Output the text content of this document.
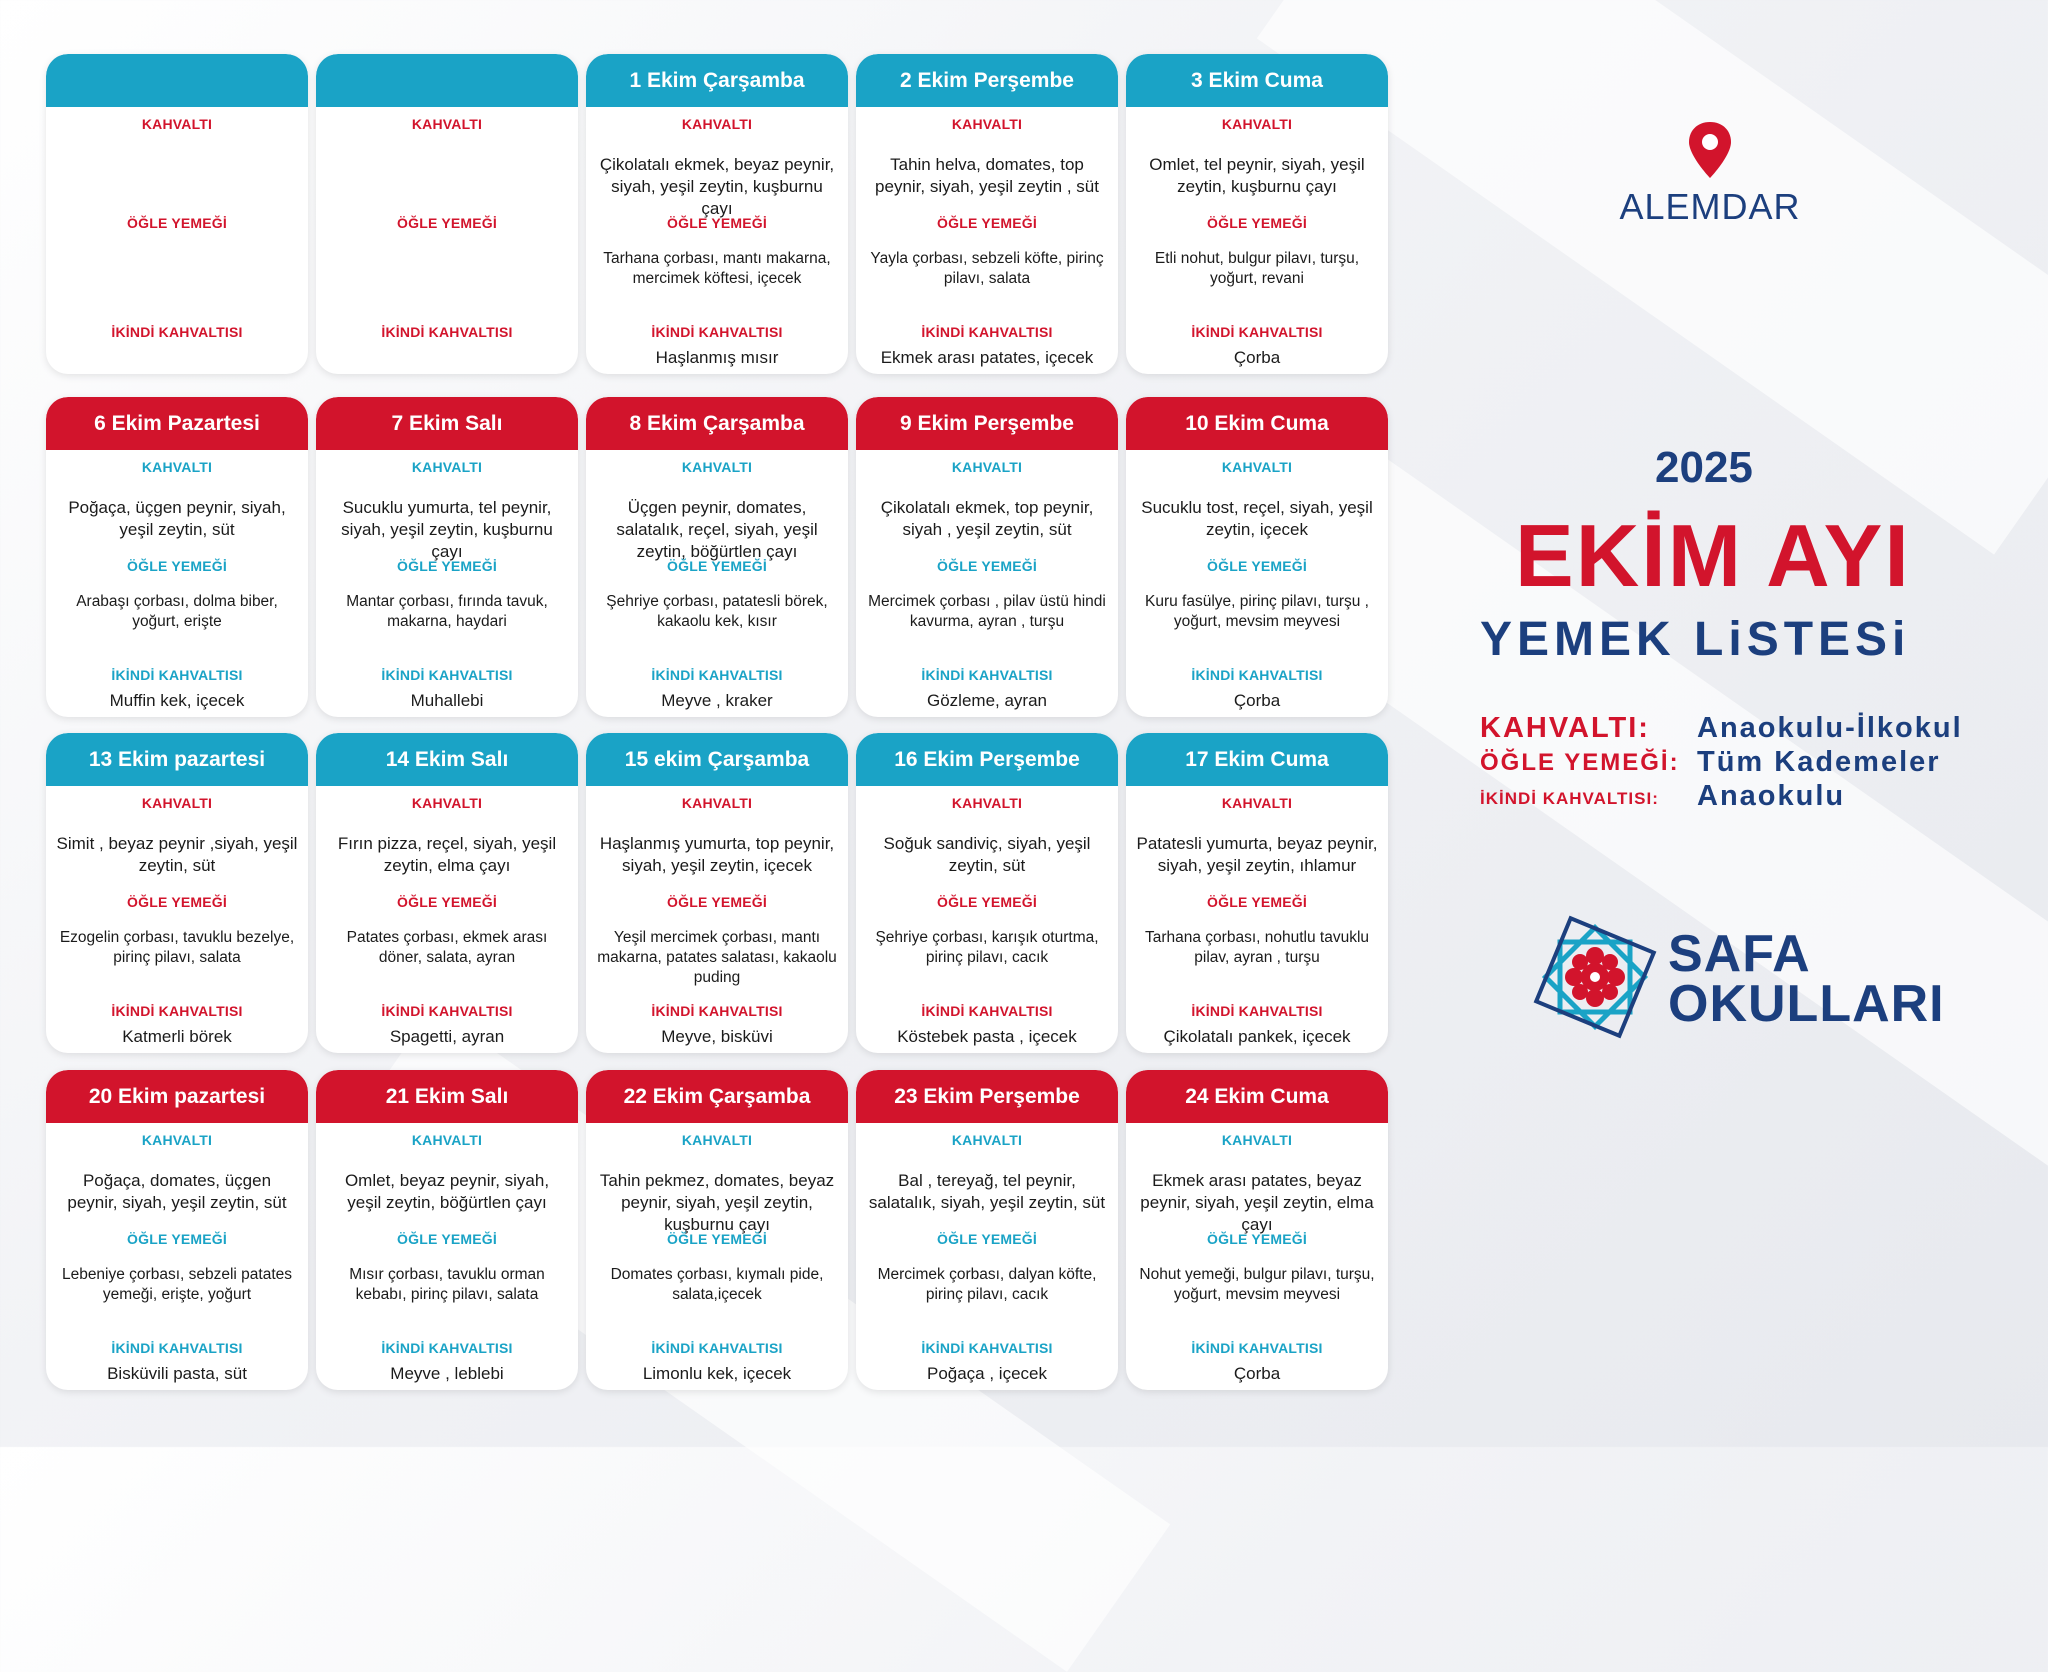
KAHVALTI
ÖĞLE YEMEĞİ
İKİNDİ KAHVALTISI
KAHVALTI
ÖĞLE YEMEĞİ
İKİNDİ KAHVALTISI
1 Ekim Çarşamba
KAHVALTI
Çikolatalı ekmek, beyaz peynir, siyah, yeşil zeytin, kuşburnu çayı
ÖĞLE YEMEĞİ
Tarhana çorbası, mantı makarna, mercimek köftesi, içecek
İKİNDİ KAHVALTISI
Haşlanmış mısır
2 Ekim Perşembe
KAHVALTI
Tahin helva, domates, top peynir, siyah, yeşil zeytin , süt
ÖĞLE YEMEĞİ
Yayla çorbası, sebzeli köfte, pirinç pilavı, salata
İKİNDİ KAHVALTISI
Ekmek arası patates, içecek
3 Ekim Cuma
KAHVALTI
Omlet, tel peynir, siyah, yeşil zeytin, kuşburnu çayı
ÖĞLE YEMEĞİ
Etli nohut, bulgur pilavı, turşu, yoğurt, revani
İKİNDİ KAHVALTISI
Çorba
6 Ekim Pazartesi
KAHVALTI
Poğaça, üçgen peynir, siyah, yeşil zeytin, süt
ÖĞLE YEMEĞİ
Arabaşı çorbası, dolma biber, yoğurt, erişte
İKİNDİ KAHVALTISI
Muffin kek, içecek
7 Ekim Salı
KAHVALTI
Sucuklu yumurta, tel peynir, siyah, yeşil zeytin, kuşburnu çayı
ÖĞLE YEMEĞİ
Mantar çorbası, fırında tavuk, makarna, haydari
İKİNDİ KAHVALTISI
Muhallebi
8 Ekim Çarşamba
KAHVALTI
Üçgen peynir, domates, salatalık, reçel, siyah, yeşil zeytin, böğürtlen çayı
ÖĞLE YEMEĞİ
Şehriye çorbası, patatesli börek, kakaolu kek, kısır
İKİNDİ KAHVALTISI
Meyve , kraker
9 Ekim Perşembe
KAHVALTI
Çikolatalı ekmek, top peynir, siyah , yeşil zeytin, süt
ÖĞLE YEMEĞİ
Mercimek çorbası , pilav üstü hindi kavurma, ayran , turşu
İKİNDİ KAHVALTISI
Gözleme, ayran
10 Ekim Cuma
KAHVALTI
Sucuklu tost, reçel, siyah, yeşil zeytin, içecek
ÖĞLE YEMEĞİ
Kuru fasülye, pirinç pilavı, turşu , yoğurt, mevsim meyvesi
İKİNDİ KAHVALTISI
Çorba
13 Ekim pazartesi
KAHVALTI
Simit , beyaz peynir ,siyah, yeşil zeytin, süt
ÖĞLE YEMEĞİ
Ezogelin çorbası, tavuklu bezelye, pirinç pilavı, salata
İKİNDİ KAHVALTISI
Katmerli börek
14 Ekim Salı
KAHVALTI
Fırın pizza, reçel, siyah, yeşil zeytin, elma çayı
ÖĞLE YEMEĞİ
Patates çorbası, ekmek arası döner, salata, ayran
İKİNDİ KAHVALTISI
Spagetti, ayran
15 ekim Çarşamba
KAHVALTI
Haşlanmış yumurta, top peynir, siyah, yeşil zeytin, içecek
ÖĞLE YEMEĞİ
Yeşil mercimek çorbası, mantı makarna, patates salatası, kakaolu puding
İKİNDİ KAHVALTISI
Meyve, bisküvi
16 Ekim Perşembe
KAHVALTI
Soğuk sandiviç, siyah, yeşil zeytin, süt
ÖĞLE YEMEĞİ
Şehriye çorbası, karışık oturtma, pirinç pilavı, cacık
İKİNDİ KAHVALTISI
Köstebek pasta , içecek
17 Ekim Cuma
KAHVALTI
Patatesli yumurta, beyaz peynir, siyah, yeşil zeytin, ıhlamur
ÖĞLE YEMEĞİ
Tarhana çorbası, nohutlu tavuklu pilav, ayran , turşu
İKİNDİ KAHVALTISI
Çikolatalı pankek, içecek
20 Ekim pazartesi
KAHVALTI
Poğaça, domates, üçgen peynir, siyah, yeşil zeytin, süt
ÖĞLE YEMEĞİ
Lebeniye çorbası, sebzeli patates yemeği, erişte, yoğurt
İKİNDİ KAHVALTISI
Bisküvili pasta, süt
21 Ekim Salı
KAHVALTI
Omlet, beyaz peynir, siyah, yeşil zeytin, böğürtlen çayı
ÖĞLE YEMEĞİ
Mısır çorbası, tavuklu orman kebabı, pirinç pilavı, salata
İKİNDİ KAHVALTISI
Meyve , leblebi
22 Ekim Çarşamba
KAHVALTI
Tahin pekmez, domates, beyaz peynir, siyah, yeşil zeytin, kuşburnu çayı
ÖĞLE YEMEĞİ
Domates çorbası, kıymalı pide, salata,içecek
İKİNDİ KAHVALTISI
Limonlu kek, içecek
23 Ekim Perşembe
KAHVALTI
Bal , tereyağ, tel peynir, salatalık, siyah, yeşil zeytin, süt
ÖĞLE YEMEĞİ
Mercimek çorbası, dalyan köfte, pirinç pilavı, cacık
İKİNDİ KAHVALTISI
Poğaça , içecek
24 Ekim Cuma
KAHVALTI
Ekmek arası patates, beyaz peynir, siyah, yeşil zeytin, elma çayı
ÖĞLE YEMEĞİ
Nohut yemeği, bulgur pilavı, turşu, yoğurt, mevsim meyvesi
İKİNDİ KAHVALTISI
Çorba
ALEMDAR
2025
EKİM AYI
YEMEK LiSTESi
KAHVALTI: Anaokulu-İlkokul
ÖĞLE YEMEĞİ: Tüm Kademeler
İKİNDİ KAHVALTISI: Anaokulu
SAFA
OKULLARI
